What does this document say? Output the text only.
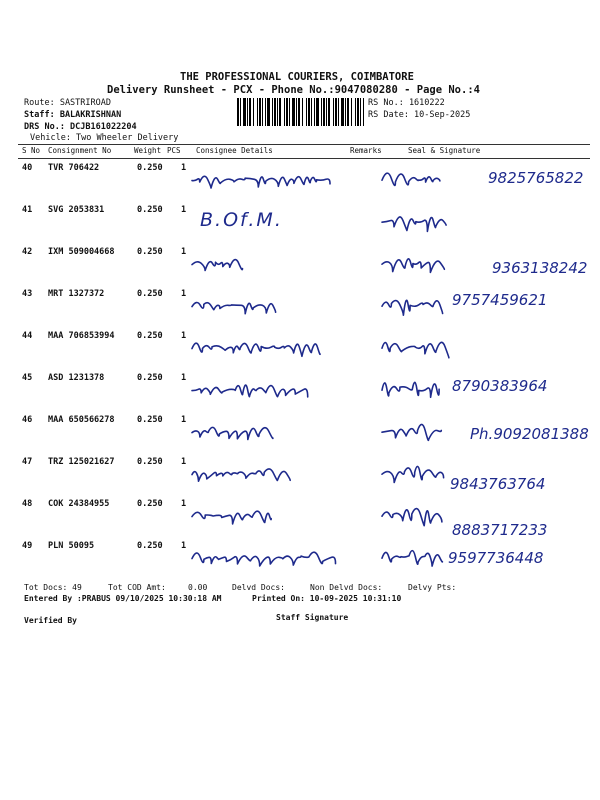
THE PROFESSIONAL COURIERS, COIMBATORE
Delivery Runsheet - PCX - Phone No.:9047080280 - Page No.:4
Route: SASTRIROAD
Staff: BALAKRISHNAN
DRS No.: DCJB161022204
Vehicle: Two Wheeler Delivery
RS No.: 1610222
RS Date: 10-Sep-2025
S No Consignment No	Weight PCS Consignee Details	Remarks	Seal & Signature
40 TVR 706422	0.250 1
9825765822
41 SVG 2053831	0.250 1 B.Of.M.
42 IXM 509004668	0.250 1
9363138242
43 MRT 1327372	0.250 1	9757459621
44 MAA 706853994	0.250 1
45 ASD 1231378	0.250 1	8790383964
46 MAA 650566278	0.250 1
Ph.9092081388
47 TRZ 125021627	0.250 1
9843763764
48 COK 24384955	0.250 1
8883717233
49 PLN 50095	0.250 1
9597736448
Tot Docs: 49	Tot COD Amt:	0.00	Delvd Docs:	Non Delvd Docs:	Delvy Pts:
Entered By :PRABUS 09/10/2025 10:30:18 AM	Printed On: 10-09-2025 10:31:10
Verified By	Staff Signature
